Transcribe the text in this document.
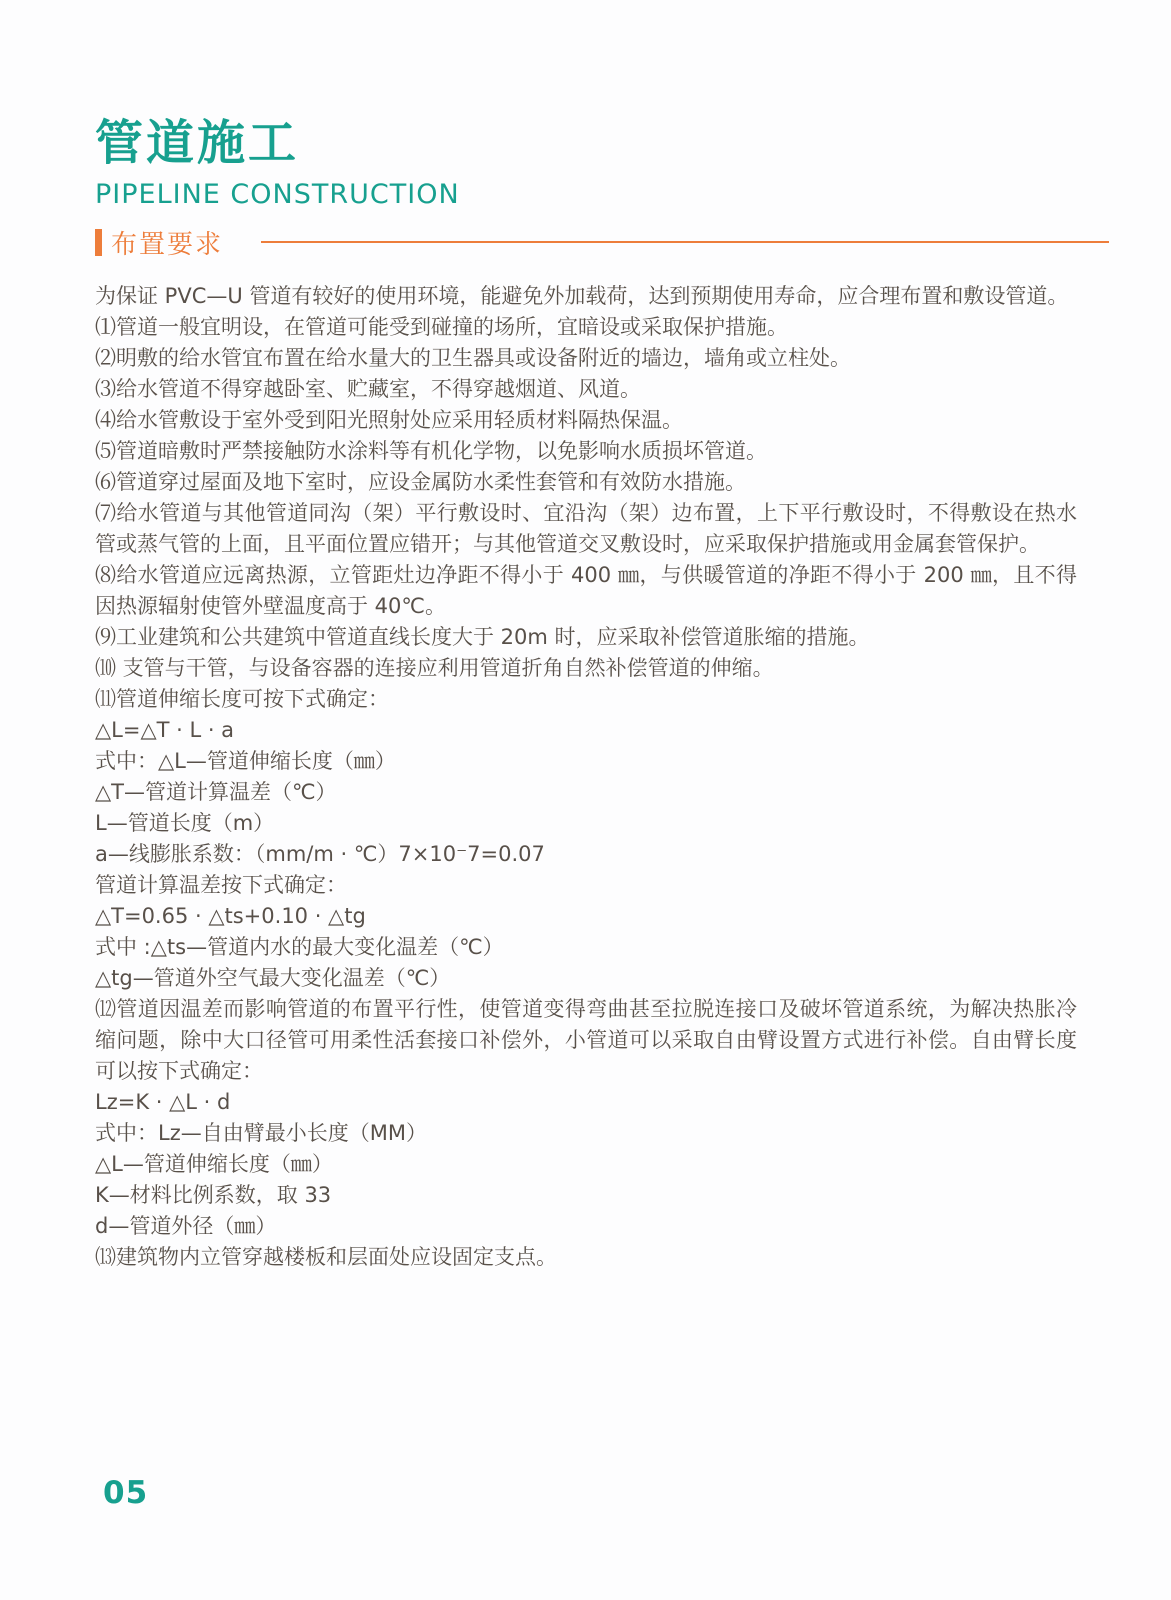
管道施工
PIPELINE CONSTRUCTION
布置要求

为保证 PVC—U 管道有较好的使用环境，能避免外加载荷，达到预期使用寿命，应合理布置和敷设管道。

⑴管道一般宜明设，在管道可能受到碰撞的场所，宜暗设或采取保护措施。

⑵明敷的给水管宜布置在给水量大的卫生器具或设备附近的墙边，墙角或立柱处。

⑶给水管道不得穿越卧室、贮藏室，不得穿越烟道、风道。

⑷给水管敷设于室外受到阳光照射处应采用轻质材料隔热保温。

⑸管道暗敷时严禁接触防水涂料等有机化学物，以免影响水质损坏管道。

⑹管道穿过屋面及地下室时，应设金属防水柔性套管和有效防水措施。

⑺给水管道与其他管道同沟（架）平行敷设时、宜沿沟（架）边布置，上下平行敷设时，不得敷设在热水管或蒸气管的上面，且平面位置应错开；与其他管道交叉敷设时，应采取保护措施或用金属套管保护。

⑻给水管道应远离热源，立管距灶边净距不得小于 400 ㎜，与供暖管道的净距不得小于 200 ㎜，且不得因热源辐射使管外壁温度高于 40℃。

⑼工业建筑和公共建筑中管道直线长度大于 20m 时，应采取补偿管道胀缩的措施。

⑽ 支管与干管，与设备容器的连接应利用管道折角自然补偿管道的伸缩。

⑾管道伸缩长度可按下式确定：

△L=△T · L · a

式中：△L—管道伸缩长度（㎜）

△T—管道计算温差（℃）

L—管道长度（m）

a—线膨胀系数：（mm/m · ℃）7×10⁻7=0.07

管道计算温差按下式确定：

△T=0.65 · △ts+0.10 · △tg

式中 :△ts—管道内水的最大变化温差（℃）

△tg—管道外空气最大变化温差（℃）

⑿管道因温差而影响管道的布置平行性，使管道变得弯曲甚至拉脱连接口及破坏管道系统，为解决热胀冷缩问题，除中大口径管可用柔性活套接口补偿外，小管道可以采取自由臂设置方式进行补偿。自由臂长度可以按下式确定：

Lz=K · △L · d

式中：Lz—自由臂最小长度（MM）

△L—管道伸缩长度（㎜）

K—材料比例系数，取 33

d—管道外径（㎜）

⒀建筑物内立管穿越楼板和层面处应设固定支点。

05
